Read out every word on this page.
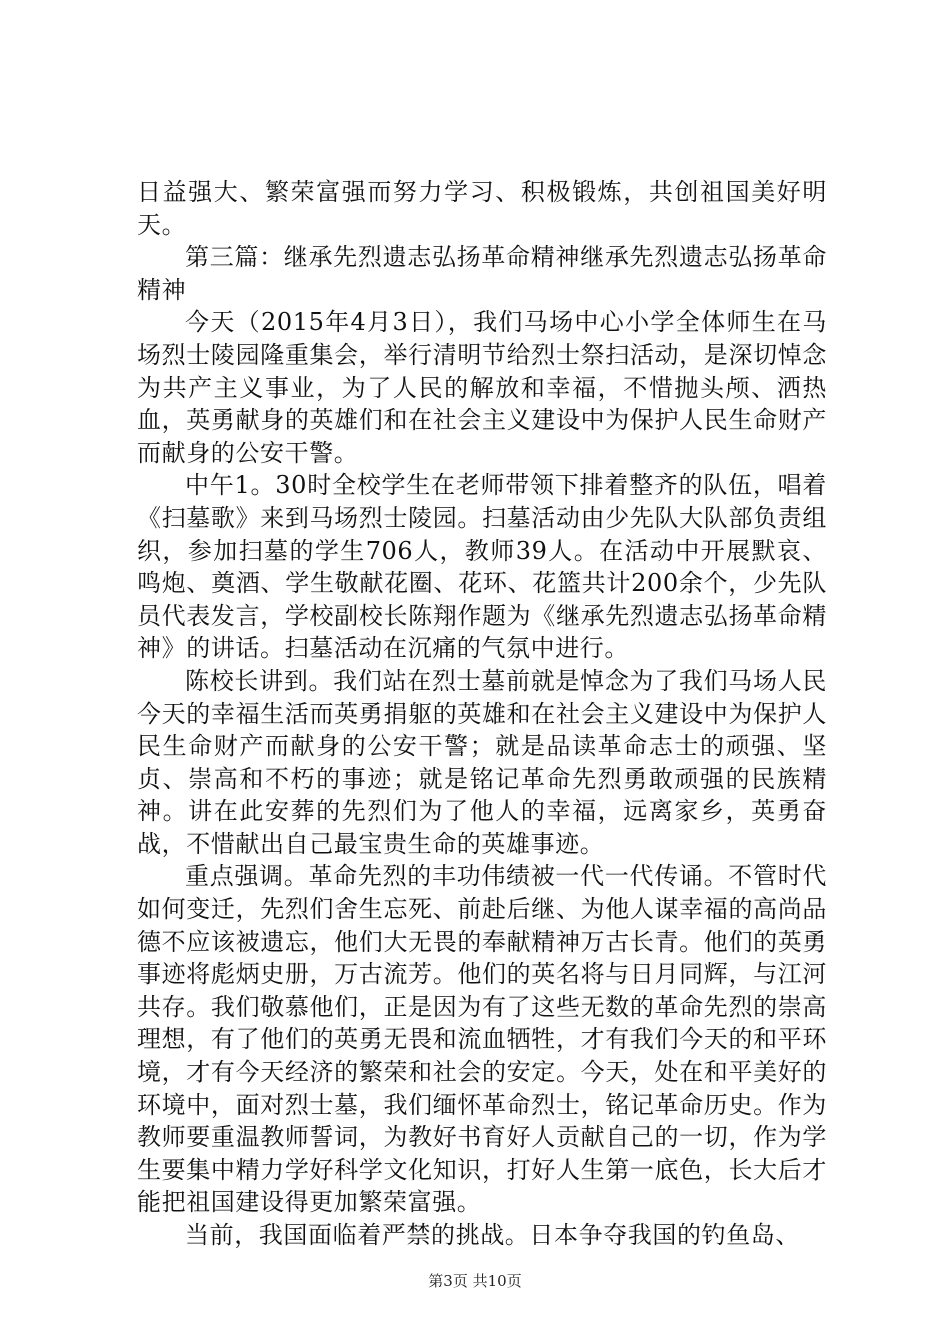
日益强大、繁荣富强而努力学习、积极锻炼，共创祖国美好明天。

第三篇：继承先烈遗志弘扬革命精神继承先烈遗志弘扬革命精神

今天（2015年4月3日），我们马场中心小学全体师生在马场烈士陵园隆重集会，举行清明节给烈士祭扫活动，是深切悼念为共产主义事业，为了人民的解放和幸福，不惜抛头颅、洒热血，英勇献身的英雄们和在社会主义建设中为保护人民生命财产而献身的公安干警。

中午1。30时全校学生在老师带领下排着整齐的队伍，唱着《扫墓歌》来到马场烈士陵园。扫墓活动由少先队大队部负责组织，参加扫墓的学生706人，教师39人。在活动中开展默哀、鸣炮、奠酒、学生敬献花圈、花环、花篮共计200余个，少先队员代表发言，学校副校长陈翔作题为《继承先烈遗志弘扬革命精神》的讲话。扫墓活动在沉痛的气氛中进行。

陈校长讲到。我们站在烈士墓前就是悼念为了我们马场人民今天的幸福生活而英勇捐躯的英雄和在社会主义建设中为保护人民生命财产而献身的公安干警；就是品读革命志士的顽强、坚贞、崇高和不朽的事迹；就是铭记革命先烈勇敢顽强的民族精神。讲在此安葬的先烈们为了他人的幸福，远离家乡，英勇奋战，不惜献出自己最宝贵生命的英雄事迹。

重点强调。革命先烈的丰功伟绩被一代一代传诵。不管时代如何变迁，先烈们舍生忘死、前赴后继、为他人谋幸福的高尚品德不应该被遗忘，他们大无畏的奉献精神万古长青。他们的英勇事迹将彪炳史册，万古流芳。他们的英名将与日月同辉，与江河共存。我们敬慕他们，正是因为有了这些无数的革命先烈的崇高理想，有了他们的英勇无畏和流血牺牲，才有我们今天的和平环境，才有今天经济的繁荣和社会的安定。今天，处在和平美好的环境中，面对烈士墓，我们缅怀革命烈士，铭记革命历史。作为教师要重温教师誓词，为教好书育好人贡献自己的一切，作为学生要集中精力学好科学文化知识，打好人生第一底色，长大后才能把祖国建设得更加繁荣富强。

当前，我国面临着严禁的挑战。日本争夺我国的钓鱼岛、

第3页 共10页
